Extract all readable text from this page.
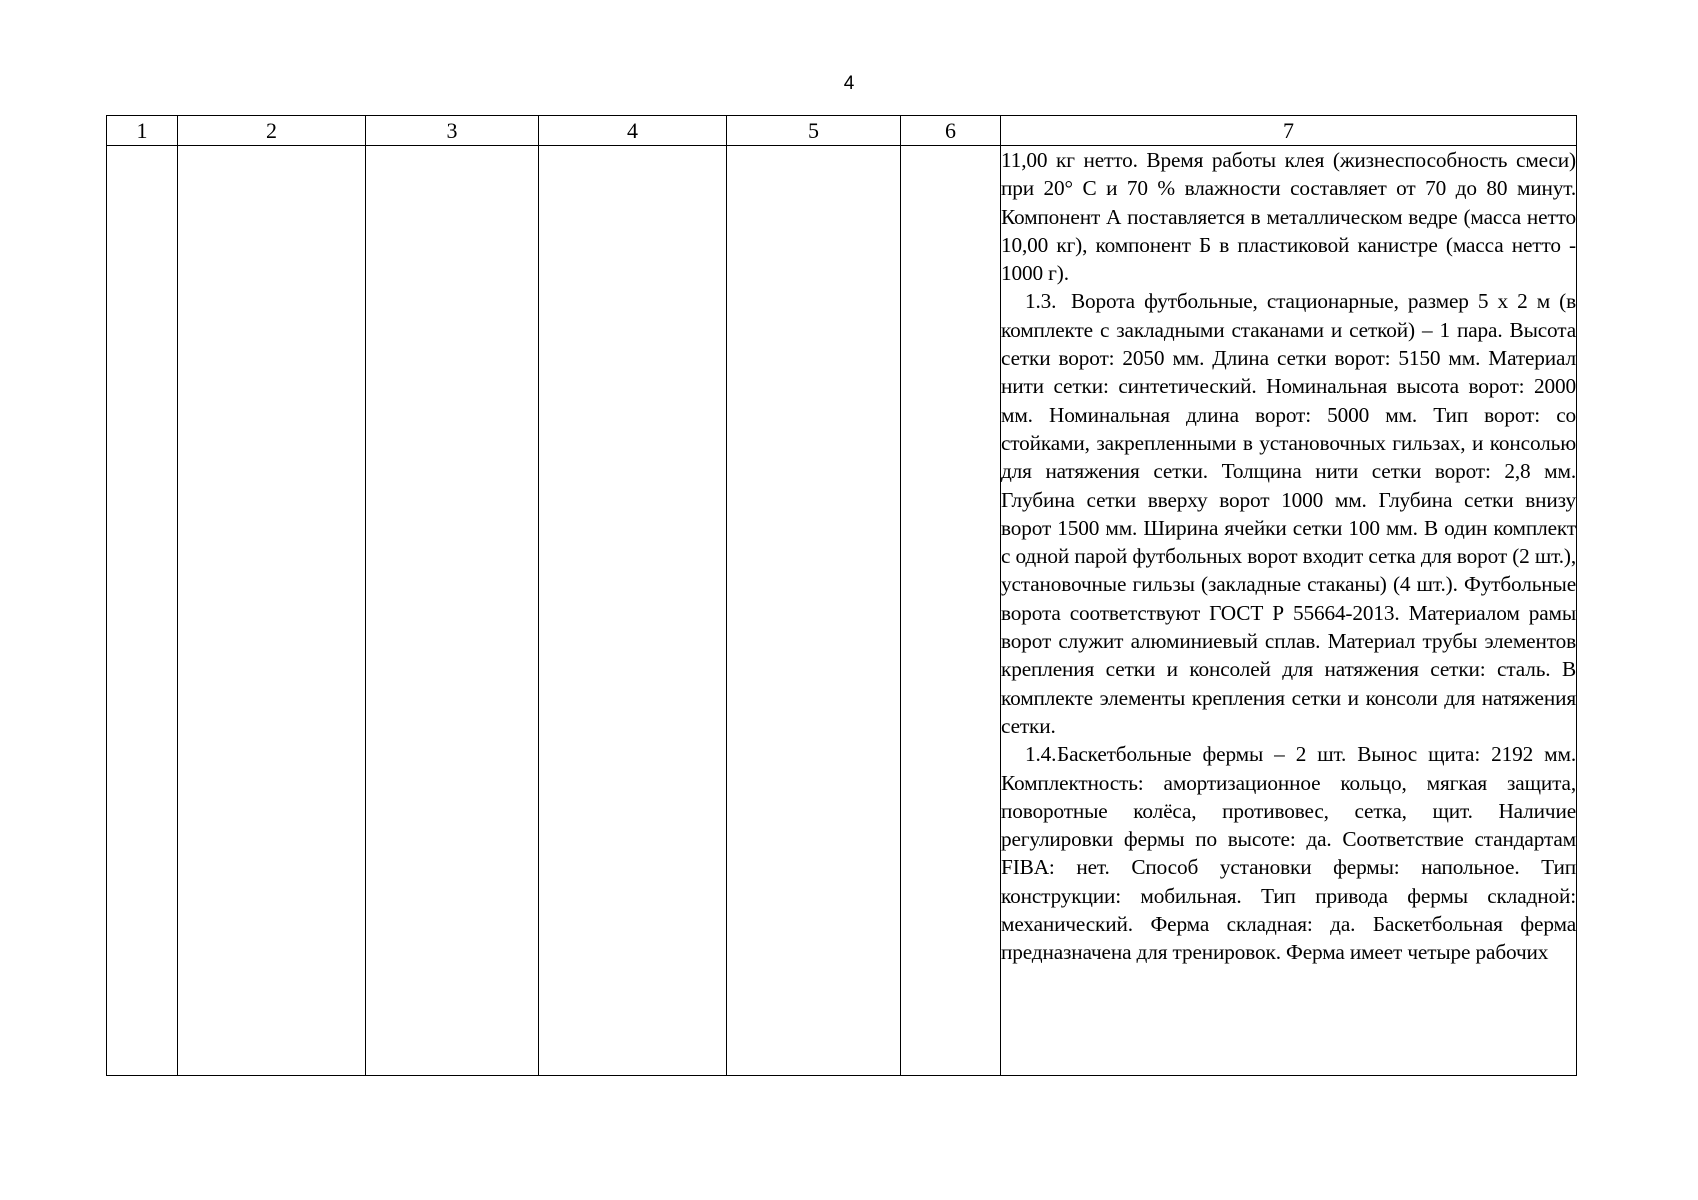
4
1	2	3	4	5	6	7

						11,00 кг нетто. Время работы клея (жизнеспособность смеси) при 20° С и 70 % влажности составляет от 70 до 80 минут. Компонент А поставляется в металлическом ведре (масса нетто 10,00 кг), компонент Б в пластиковой канистре (масса нетто - 1000 г).

1.3. Ворота футбольные, стационарные, размер 5 х 2 м (в комплекте с закладными стаканами и сеткой) – 1 пара. Высота сетки ворот: 2050 мм. Длина сетки ворот: 5150 мм. Материал нити сетки: синтетический. Номинальная высота ворот: 2000 мм. Номинальная длина ворот: 5000 мм. Тип ворот: со стойками, закрепленными в установочных гильзах, и консолью для натяжения сетки. Толщина нити сетки ворот: 2,8 мм. Глубина сетки вверху ворот 1000 мм. Глубина сетки внизу ворот 1500 мм. Ширина ячейки сетки 100 мм. В один комплект с одной парой футбольных ворот входит сетка для ворот (2 шт.), установочные гильзы (закладные стаканы) (4 шт.). Футбольные ворота соответствуют ГОСТ Р 55664-2013. Материалом рамы ворот служит алюминиевый сплав. Материал трубы элементов крепления сетки и консолей для натяжения сетки: сталь. В комплекте элементы крепления сетки и консоли для натяжения сетки.

1.4.Баскетбольные фермы – 2 шт. Вынос щита: 2192 мм. Комплектность: амортизационное кольцо, мягкая защита, поворотные колёса, противовес, сетка, щит. Наличие регулировки фермы по высоте: да. Соответствие стандартам FIBA: нет. Способ установки фермы: напольное. Тип конструкции: мобильная. Тип привода фермы складной: механический. Ферма складная: да. Баскетбольная ферма предназначена для тренировок. Ферма имеет четыре рабочих
